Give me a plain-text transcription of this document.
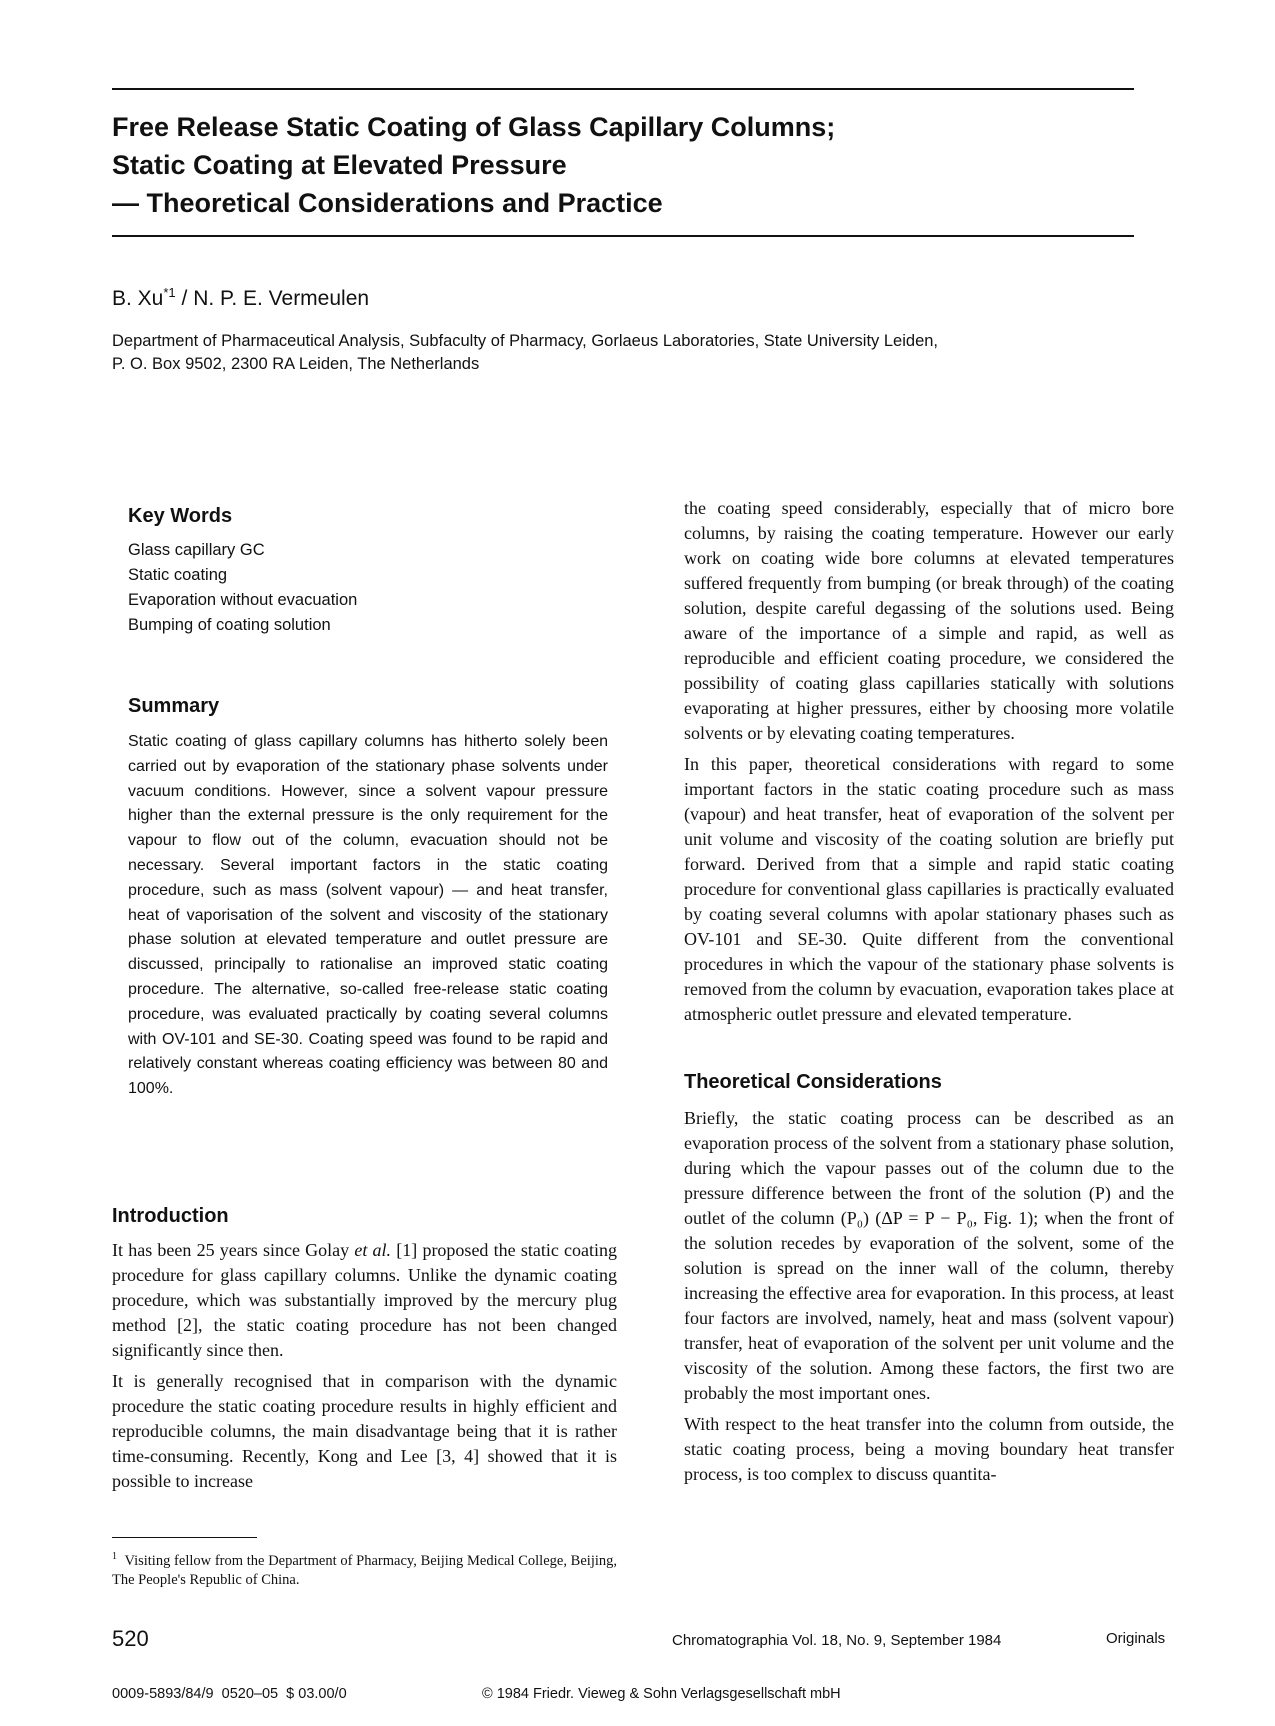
Free Release Static Coating of Glass Capillary Columns;
Static Coating at Elevated Pressure
— Theoretical Considerations and Practice
B. Xu$^{*1}$ / N. P. E. Vermeulen
Department of Pharmaceutical Analysis, Subfaculty of Pharmacy, Gorlaeus Laboratories, State University Leiden,
P. O. Box 9502, 2300 RA Leiden, The Netherlands
Key Words
Glass capillary GC
Static coating
Evaporation without evacuation
Bumping of coating solution
Summary

Static coating of glass capillary columns has hitherto solely been carried out by evaporation of the stationary phase solvents under vacuum conditions. However, since a solvent vapour pressure higher than the external pressure is the only requirement for the vapour to flow out of the column, evacuation should not be necessary. Several important factors in the static coating procedure, such as mass (solvent vapour) — and heat transfer, heat of vaporisation of the solvent and viscosity of the stationary phase solution at elevated temperature and outlet pressure are discussed, principally to rationalise an improved static coating procedure. The alternative, so-called free-release static coating procedure, was evaluated practically by coating several columns with OV-101 and SE-30. Coating speed was found to be rapid and relatively constant whereas coating efficiency was between 80 and 100%.

Introduction

It has been 25 years since Golay et al. [1] proposed the static coating procedure for glass capillary columns. Unlike the dynamic coating procedure, which was substantially improved by the mercury plug method [2], the static coating procedure has not been changed significantly since then.

It is generally recognised that in comparison with the dynamic procedure the static coating procedure results in highly efficient and reproducible columns, the main disadvantage being that it is rather time-consuming. Recently, Kong and Lee [3, 4] showed that it is possible to increase

$^1$ Visiting fellow from the Department of Pharmacy, Beijing Medical College, Beijing, The People's Republic of China.

the coating speed considerably, especially that of micro bore columns, by raising the coating temperature. However our early work on coating wide bore columns at elevated temperatures suffered frequently from bumping (or break through) of the coating solution, despite careful degassing of the solutions used. Being aware of the importance of a simple and rapid, as well as reproducible and efficient coating procedure, we considered the possibility of coating glass capillaries statically with solutions evaporating at higher pressures, either by choosing more volatile solvents or by elevating coating temperatures.

In this paper, theoretical considerations with regard to some important factors in the static coating procedure such as mass (vapour) and heat transfer, heat of evaporation of the solvent per unit volume and viscosity of the coating solution are briefly put forward. Derived from that a simple and rapid static coating procedure for conventional glass capillaries is practically evaluated by coating several columns with apolar stationary phases such as OV-101 and SE-30. Quite different from the conventional procedures in which the vapour of the stationary phase solvents is removed from the column by evacuation, evaporation takes place at atmospheric outlet pressure and elevated temperature.

Theoretical Considerations

Briefly, the static coating process can be described as an evaporation process of the solvent from a stationary phase solution, during which the vapour passes out of the column due to the pressure difference between the front of the solution (P) and the outlet of the column (P₀) (ΔP = P − P₀, Fig. 1); when the front of the solution recedes by evaporation of the solvent, some of the solution is spread on the inner wall of the column, thereby increasing the effective area for evaporation. In this process, at least four factors are involved, namely, heat and mass (solvent vapour) transfer, heat of evaporation of the solvent per unit volume and the viscosity of the solution. Among these factors, the first two are probably the most important ones.

With respect to the heat transfer into the column from outside, the static coating process, being a moving boundary heat transfer process, is too complex to discuss quantita-

520	Chromatographia Vol. 18, No. 9, September 1984	Originals
0009-5893/84/9  0520–05  $ 03.00/0	© 1984 Friedr. Vieweg & Sohn Verlagsgesellschaft mbH
